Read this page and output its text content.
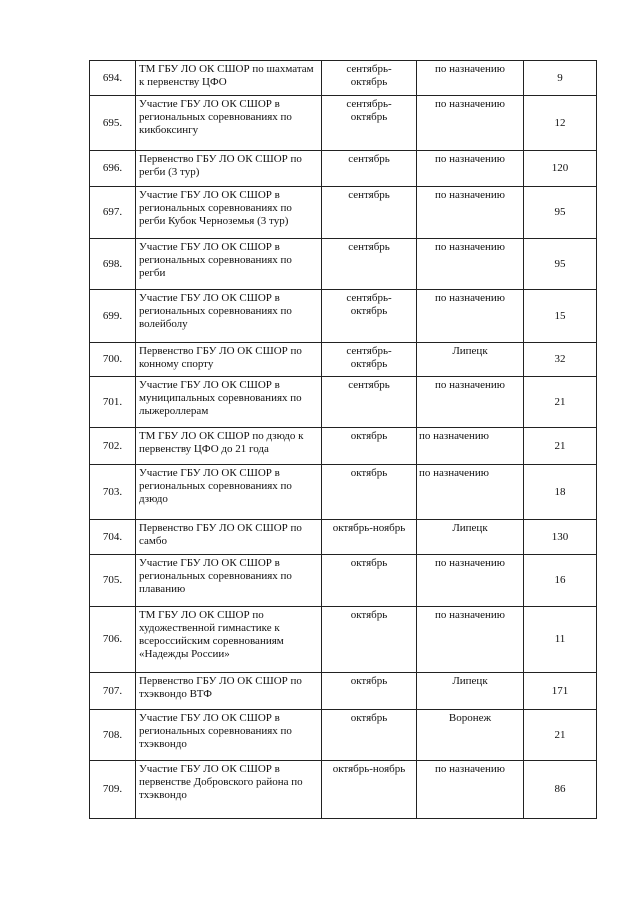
694.	ТМ ГБУ ЛО ОК СШОР по шахматам к первенству ЦФО	сентябрь-
октябрь	по назначению	9
695.	Участие ГБУ ЛО ОК СШОР в региональных соревнованиях по кикбоксингу	сентябрь-
октябрь	по назначению	12
696.	Первенство ГБУ ЛО ОК СШОР по регби (3 тур)	сентябрь	по назначению	120
697.	Участие ГБУ ЛО ОК СШОР в региональных соревнованиях по регби Кубок Черноземья (3 тур)	сентябрь	по назначению	95
698.	Участие ГБУ ЛО ОК СШОР в региональных соревнованиях по регби	сентябрь	по назначению	95
699.	Участие ГБУ ЛО ОК СШОР в региональных соревнованиях по волейболу	сентябрь-
октябрь	по назначению	15
700.	Первенство ГБУ ЛО ОК СШОР по конному спорту	сентябрь-
октябрь	Липецк	32
701.	Участие ГБУ ЛО ОК СШОР в муниципальных соревнованиях по лыжероллерам	сентябрь	по назначению	21
702.	ТМ ГБУ ЛО ОК СШОР по дзюдо к первенству ЦФО до 21 года	октябрь	по назначению	21
703.	Участие ГБУ ЛО ОК СШОР в региональных соревнованиях по дзюдо	октябрь	по назначению	18
704.	Первенство ГБУ ЛО ОК СШОР по самбо	октябрь-ноябрь	Липецк	130
705.	Участие ГБУ ЛО ОК СШОР в региональных соревнованиях по плаванию	октябрь	по назначению	16
706.	ТМ ГБУ ЛО ОК СШОР по художественной гимнастике к всероссийским соревнованиям «Надежды России»	октябрь	по назначению	11
707.	Первенство ГБУ ЛО ОК СШОР по тхэквондо ВТФ	октябрь	Липецк	171
708.	Участие ГБУ ЛО ОК СШОР в региональных соревнованиях по тхэквондо	октябрь	Воронеж	21
709.	Участие ГБУ ЛО ОК СШОР в первенстве Добровского района по тхэквондо	октябрь-ноябрь	по назначению	86
